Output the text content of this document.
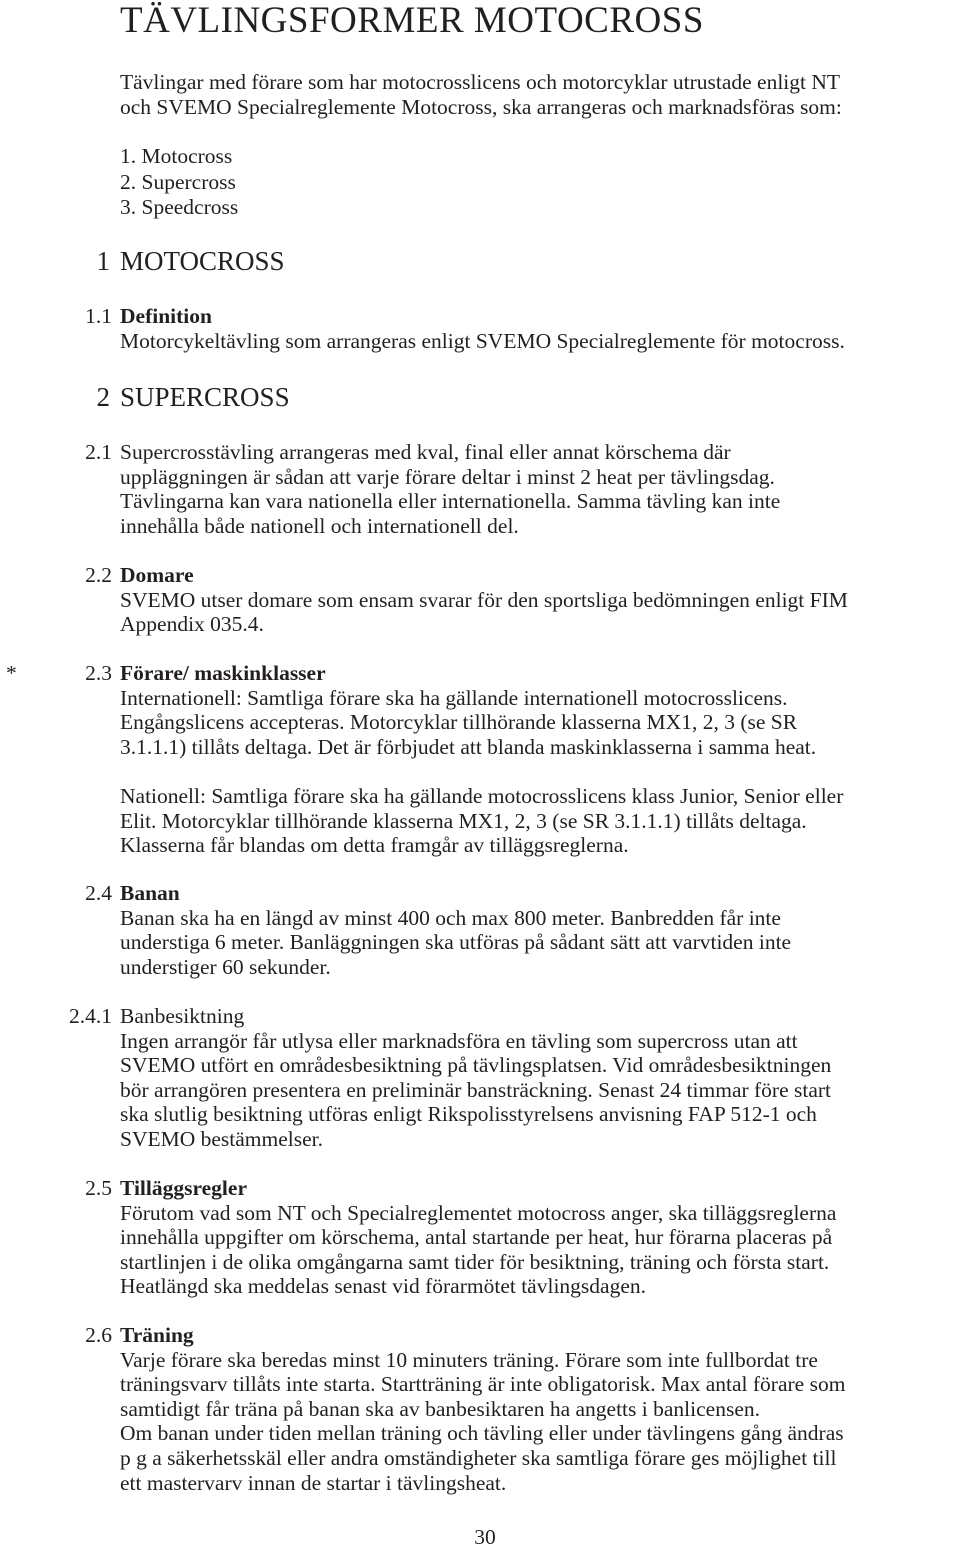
TÄVLINGSFORMER MOTOCROSS
Tävlingar med förare som har motocrosslicens och motorcyklar utrustade enligt NT
och SVEMO Specialreglemente Motocross, ska arrangeras och marknadsföras som:
1. Motocross
2. Supercross
3. Speedcross
1 MOTOCROSS
1.1 Definition
Motorcykeltävling som arrangeras enligt SVEMO Specialreglemente för motocross.
2 SUPERCROSS
2.1 Supercrosstävling arrangeras med kval, final eller annat körschema där
uppläggningen är sådan att varje förare deltar i minst 2 heat per tävlingsdag.
Tävlingarna kan vara nationella eller internationella. Samma tävling kan inte
innehålla både nationell och internationell del.
2.2 Domare
SVEMO utser domare som ensam svarar för den sportsliga bedömningen enligt FIM
Appendix 035.4.
*	2.3 Förare/ maskinklasser
Internationell: Samtliga förare ska ha gällande internationell motocrosslicens.
Engångslicens accepteras. Motorcyklar tillhörande klasserna MX1, 2, 3 (se SR
3.1.1.1) tillåts deltaga. Det är förbjudet att blanda maskinklasserna i samma heat.
Nationell: Samtliga förare ska ha gällande motocrosslicens klass Junior, Senior eller
Elit. Motorcyklar tillhörande klasserna MX1, 2, 3 (se SR 3.1.1.1) tillåts deltaga.
Klasserna får blandas om detta framgår av tilläggsreglerna.
2.4 Banan
Banan ska ha en längd av minst 400 och max 800 meter. Banbredden får inte
understiga 6 meter. Banläggningen ska utföras på sådant sätt att varvtiden inte
understiger 60 sekunder.
2.4.1 Banbesiktning
Ingen arrangör får utlysa eller marknadsföra en tävling som supercross utan att
SVEMO utfört en områdesbesiktning på tävlingsplatsen. Vid områdesbesiktningen
bör arrangören presentera en preliminär bansträckning. Senast 24 timmar före start
ska slutlig besiktning utföras enligt Rikspolisstyrelsens anvisning FAP 512-1 och
SVEMO bestämmelser.
2.5 Tilläggsregler
Förutom vad som NT och Specialreglementet motocross anger, ska tilläggsreglerna
innehålla uppgifter om körschema, antal startande per heat, hur förarna placeras på
startlinjen i de olika omgångarna samt tider för besiktning, träning och första start.
Heatlängd ska meddelas senast vid förarmötet tävlingsdagen.
2.6 Träning
Varje förare ska beredas minst 10 minuters träning. Förare som inte fullbordat tre
träningsvarv tillåts inte starta. Startträning är inte obligatorisk. Max antal förare som
samtidigt får träna på banan ska av banbesiktaren ha angetts i banlicensen.
Om banan under tiden mellan träning och tävling eller under tävlingens gång ändras
p g a säkerhetsskäl eller andra omständigheter ska samtliga förare ges möjlighet till
ett mastervarv innan de startar i tävlingsheat.
30
